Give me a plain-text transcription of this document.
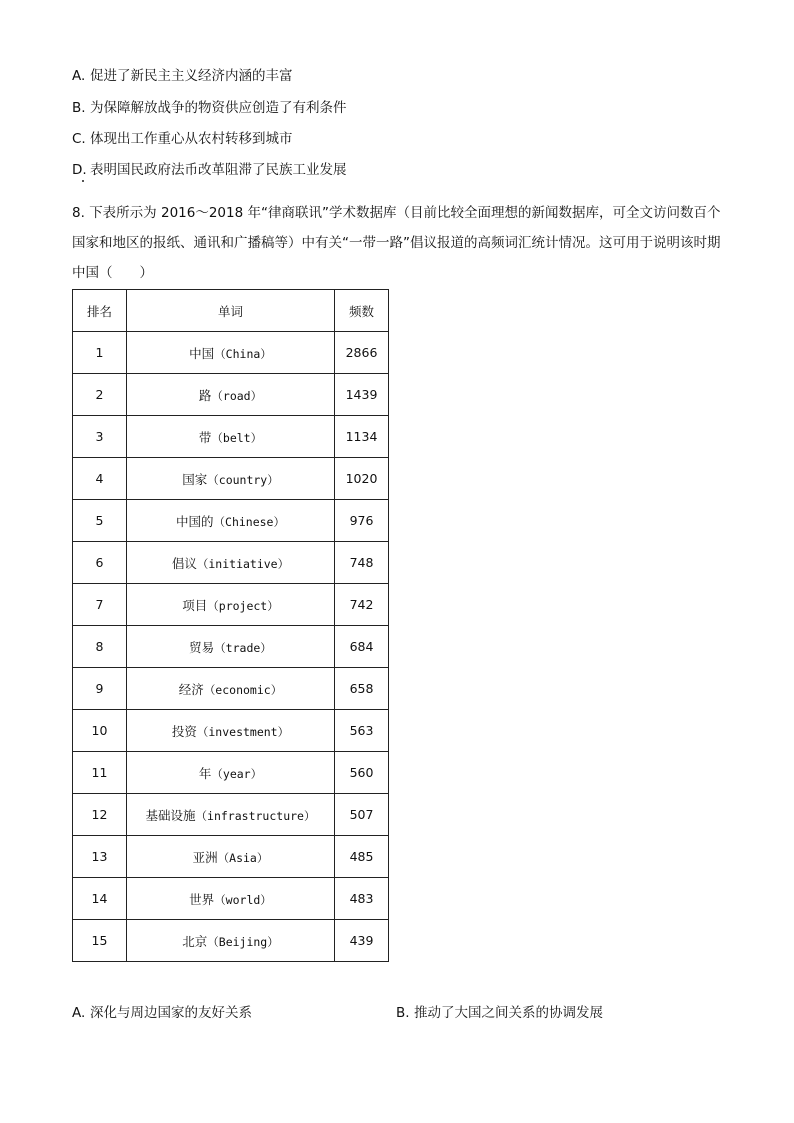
A. 促进了新民主主义经济内涵的丰富
B. 为保障解放战争的物资供应创造了有利条件
C. 体现出工作重心从农村转移到城市
D. 表明国民政府法币改革阻滞了民族工业发展
8. 下表所示为 2016～2018 年“律商联讯”学术数据库（目前比较全面理想的新闻数据库，可全文访问数百个国家和地区的报纸、通讯和广播稿等）中有关“一带一路”倡议报道的高频词汇统计情况。这可用于说明该时期中国（　　）
排名	单词	频数
1	中国（China）	2866
2	路（road）	1439
3	带（belt）	1134
4	国家（country）	1020
5	中国的（Chinese）	976
6	倡议（initiative）	748
7	项目（project）	742
8	贸易（trade）	684
9	经济（economic）	658
10	投资（investment）	563
11	年（year）	560
12	基础设施（infrastructure）	507
13	亚洲（Asia）	485
14	世界（world）	483
15	北京（Beijing）	439
A. 深化与周边国家的友好关系	B. 推动了大国之间关系的协调发展
